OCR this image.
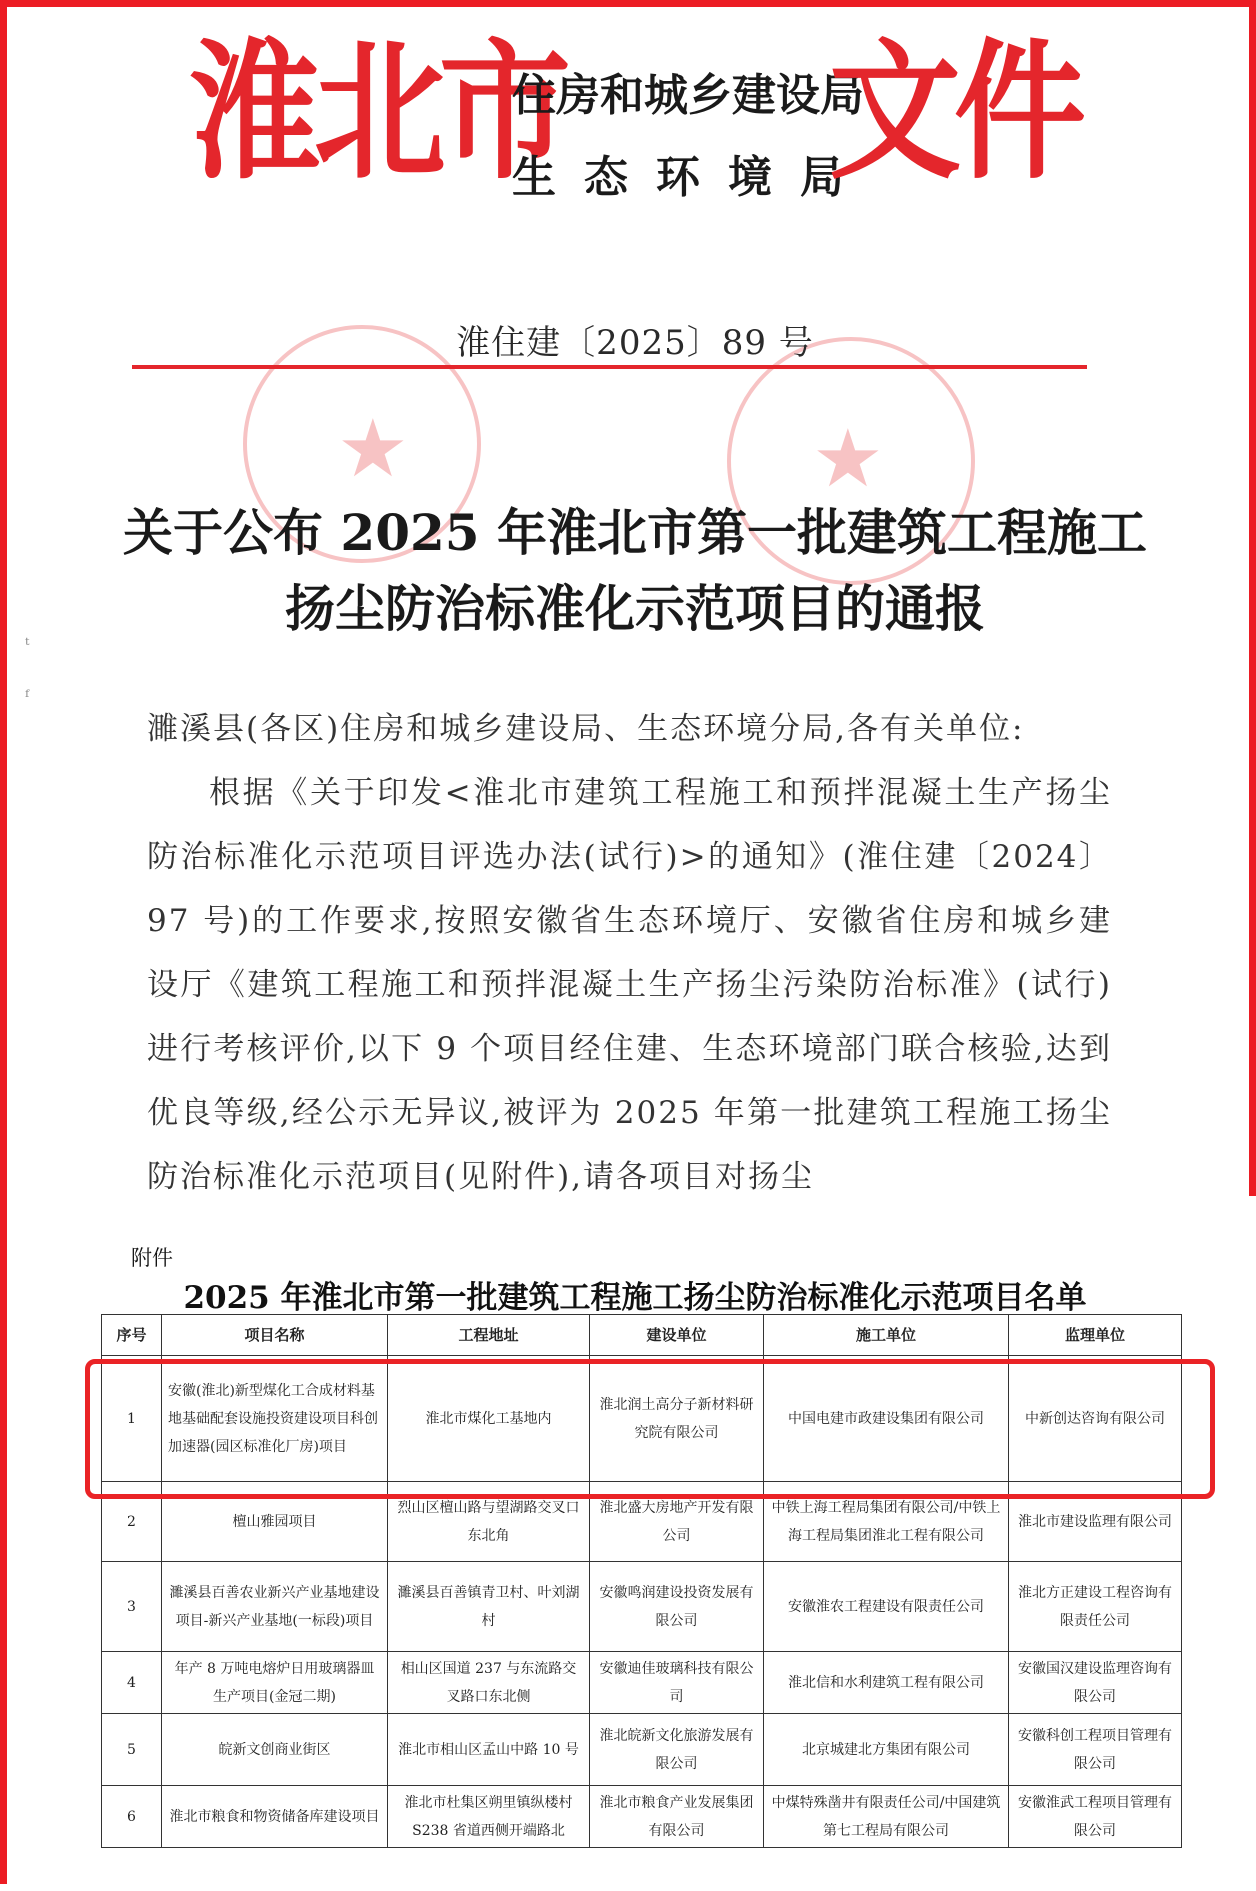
★	★
淮北市
住房和城乡建设局
生态环境局
文件
淮住建〔2025〕89 号
关于公布 2025 年淮北市第一批建筑工程施工
扬尘防治标准化示范项目的通报
ᵗ
ᶠ

濉溪县(各区)住房和城乡建设局、生态环境分局,各有关单位:

根据《关于印发<淮北市建筑工程施工和预拌混凝土生产扬尘防治标准化示范项目评选办法(试行)>的通知》(淮住建〔2024〕97 号)的工作要求,按照安徽省生态环境厅、安徽省住房和城乡建设厅《建筑工程施工和预拌混凝土生产扬尘污染防治标准》(试行)进行考核评价,以下 9 个项目经住建、生态环境部门联合核验,达到优良等级,经公示无异议,被评为 2025 年第一批建筑工程施工扬尘防治标准化示范项目(见附件),请各项目对扬尘

附件
2025 年淮北市第一批建筑工程施工扬尘防治标准化示范项目名单
序号	项目名称	工程地址	建设单位	施工单位	监理单位
1	安徽(淮北)新型煤化工合成材料基地基础配套设施投资建设项目科创加速器(园区标准化厂房)项目	淮北市煤化工基地内	淮北润土高分子新材料研究院有限公司	中国电建市政建设集团有限公司	中新创达咨询有限公司
2	檀山雅园项目	烈山区檀山路与望湖路交叉口东北角	淮北盛大房地产开发有限公司	中铁上海工程局集团有限公司/中铁上海工程局集团淮北工程有限公司	淮北市建设监理有限公司
3	濉溪县百善农业新兴产业基地建设项目-新兴产业基地(一标段)项目	濉溪县百善镇青卫村、叶刘湖村	安徽鸣润建设投资发展有限公司	安徽淮农工程建设有限责任公司	淮北方正建设工程咨询有限责任公司
4	年产 8 万吨电熔炉日用玻璃器皿生产项目(金冠二期)	相山区国道 237 与东流路交叉路口东北侧	安徽迪佳玻璃科技有限公司	淮北信和水利建筑工程有限公司	安徽国汉建设监理咨询有限公司
5	皖新文创商业街区	淮北市相山区孟山中路 10 号	淮北皖新文化旅游发展有限公司	北京城建北方集团有限公司	安徽科创工程项目管理有限公司
6	淮北市粮食和物资储备库建设项目	淮北市杜集区朔里镇纵楼村 S238 省道西侧开端路北	淮北市粮食产业发展集团有限公司	中煤特殊凿井有限责任公司/中国建筑第七工程局有限公司	安徽淮武工程项目管理有限公司
